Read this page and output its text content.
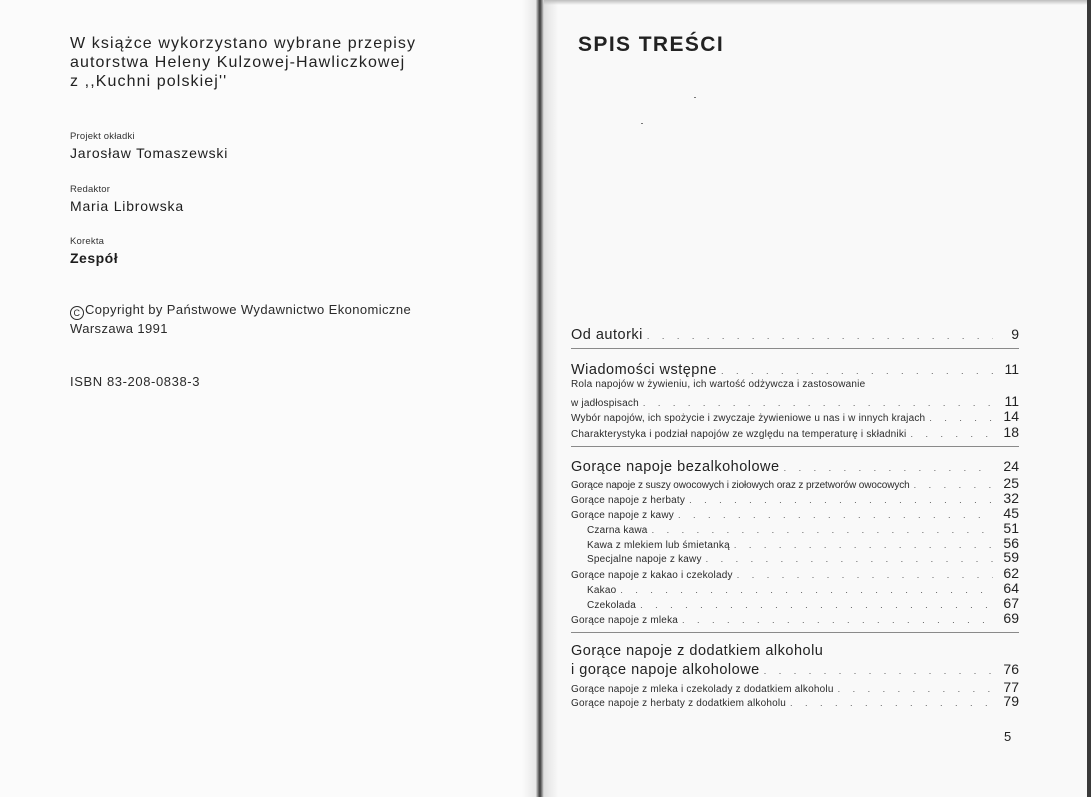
W książce wykorzystano wybrane przepisy
autorstwa Heleny Kulzowej-Hawliczkowej
z ,,Kuchni polskiej''
Projekt okładki
Jarosław Tomaszewski
Redaktor
Maria Librowska
Korekta
Zespół
C Copyright by Państwowe Wydawnictwo Ekonomiczne
Warszawa 1991
ISBN 83-208-0838-3
SPIS TREŚCI
Od autorki . . .	9
Wiadomości wstępne . . .	11
Rola napojów w żywieniu, ich wartość odżywcza i zastosowanie
w jadłospisach . . .	11
Wybór napojów, ich spożycie i zwyczaje żywieniowe u nas i w innych krajach . . .	14
Charakterystyka i podział napojów ze względu na temperaturę i składniki . . .	18
Gorące napoje bezalkoholowe . . .	24
Gorące napoje z suszy owocowych i ziołowych oraz z przetworów owocowych . . .	25
Gorące napoje z herbaty . . .	32
Gorące napoje z kawy . . .	45
Czarna kawa . . .	51
Kawa z mlekiem lub śmietanką . . .	56
Specjalne napoje z kawy . . .	59
Gorące napoje z kakao i czekolady . . .	62
Kakao . . .	64
Czekolada . . .	67
Gorące napoje z mleka . . .	69
Gorące napoje z dodatkiem alkoholu
i gorące napoje alkoholowe . . .	76
Gorące napoje z mleka i czekolady z dodatkiem alkoholu . . .	77
Gorące napoje z herbaty z dodatkiem alkoholu . . .	79
5
